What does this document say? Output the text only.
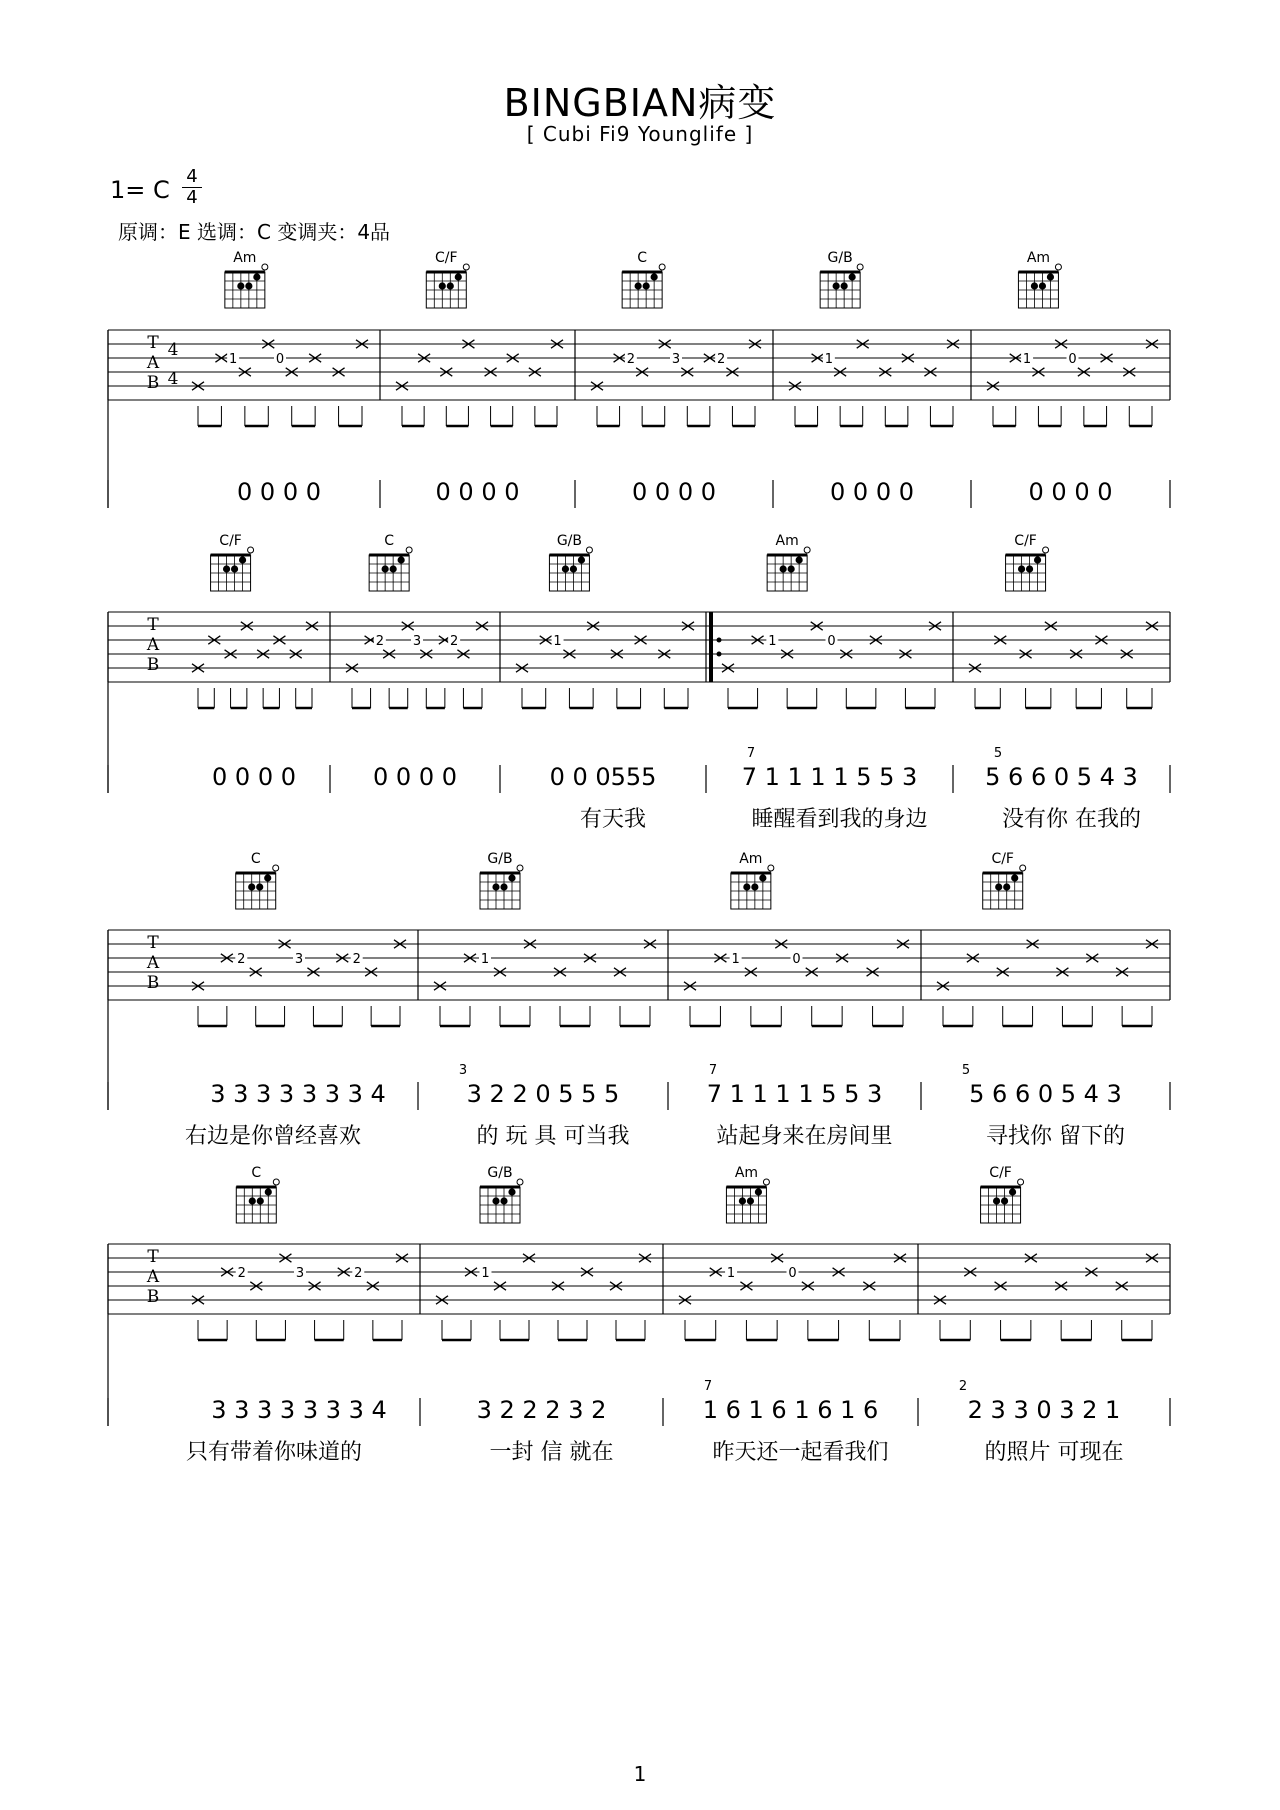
BINGBIAN病变
[ Cubi Fi9 Younglife ]
1= C 4
4
原调：E 选调：C 变调夹：4品
T
A
B
4
4
1	0
0 0 0 0	0 0 0 0
2	3	2
0 0 0 0
1
0 0 0 0
1	0
0 0 0 0
Am	C/F	C	G/B	Am
T
A
B
0 0 0 0
2 3 2
0 0 0 0
1
0 0 0555
有天我
1	0
7 1 1 1 1 5 5 3
7
睡醒看到我的身边
5 6 6 0 5 4 3
5
没有你 在我的
C/F	C	G/B	Am	C/F
T
A
B
2	3	2
3 3 3 3 3 3 3 4
右边是你曾经喜欢
1
3 2 2 0 5 5 5
3
的 玩 具 可当我
1	0
7 1 1 1 1 5 5 3
7
站起身来在房间里
5 6 6 0 5 4 3
5
寻找你 留下的
C	G/B	Am	C/F
T
A
B
2	3	2
3 3 3 3 3 3 3 4
只有带着你味道的
1
3 2 2 2 3 2
一封 信 就在
1	0
1 6 1 6 1 6 1 6
7
昨天还一起看我们
2 3 3 0 3 2 1
2
的照片 可现在
C	G/B	Am	C/F
1
